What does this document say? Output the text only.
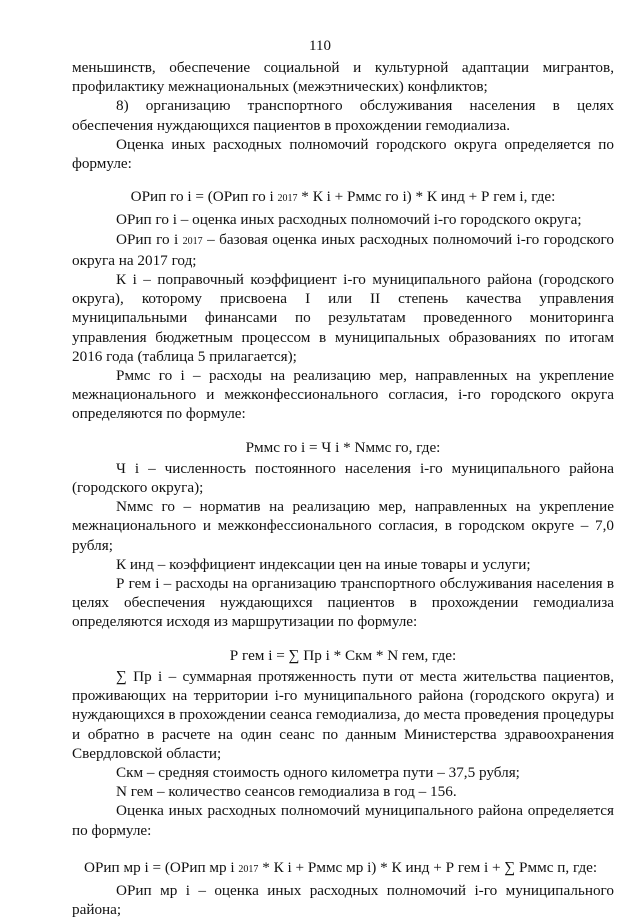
110

меньшинств, обеспечение социальной и культурной адаптации мигрантов, профилактику межнациональных (межэтнических) конфликтов;

8) организацию транспортного обслуживания населения в целях обеспечения нуждающихся пациентов в прохождении гемодиализа.

Оценка иных расходных полномочий городского округа определяется по формуле:

ОРип го i = (ОРип го i 2017 * К i + Рммс го i) * К инд + Р гем i, где:

ОРип го i – оценка иных расходных полномочий i-го городского округа;

ОРип го i 2017 – базовая оценка иных расходных полномочий i-го городского округа на 2017 год;

К i – поправочный коэффициент i-го муниципального района (городского округа), которому присвоена I или II степень качества управления муниципальными финансами по результатам проведенного мониторинга управления бюджетным процессом в муниципальных образованиях по итогам 2016 года (таблица 5 прилагается);

Рммс го i – расходы на реализацию мер, направленных на укрепление межнационального и межконфессионального согласия, i-го городского округа определяются по формуле:

Рммс го i = Ч i * Nммс го, где:

Ч i – численность постоянного населения i-го муниципального района (городского округа);

Nммс го – норматив на реализацию мер, направленных на укрепление межнационального и межконфессионального согласия, в городском округе – 7,0 рубля;

К инд – коэффициент индексации цен на иные товары и услуги;

Р гем i – расходы на организацию транспортного обслуживания населения в целях обеспечения нуждающихся пациентов в прохождении гемодиализа определяются исходя из маршрутизации по формуле:

Р гем i = ∑ Пр i * Скм * N гем, где:

∑ Пр i – суммарная протяженность пути от места жительства пациентов, проживающих на территории i-го муниципального района (городского округа) и нуждающихся в прохождении сеанса гемодиализа, до места проведения процедуры и обратно в расчете на один сеанс по данным Министерства здравоохранения Свердловской области;

Скм – средняя стоимость одного километра пути – 37,5 рубля;

N гем – количество сеансов гемодиализа в год – 156.

Оценка иных расходных полномочий муниципального района определяется по формуле:

ОРип мр i = (ОРип мр i 2017 * К i + Рммс мр i) * К инд + Р гем i + ∑ Рммс п, где:

ОРип мр i – оценка иных расходных полномочий i-го муниципального района;
